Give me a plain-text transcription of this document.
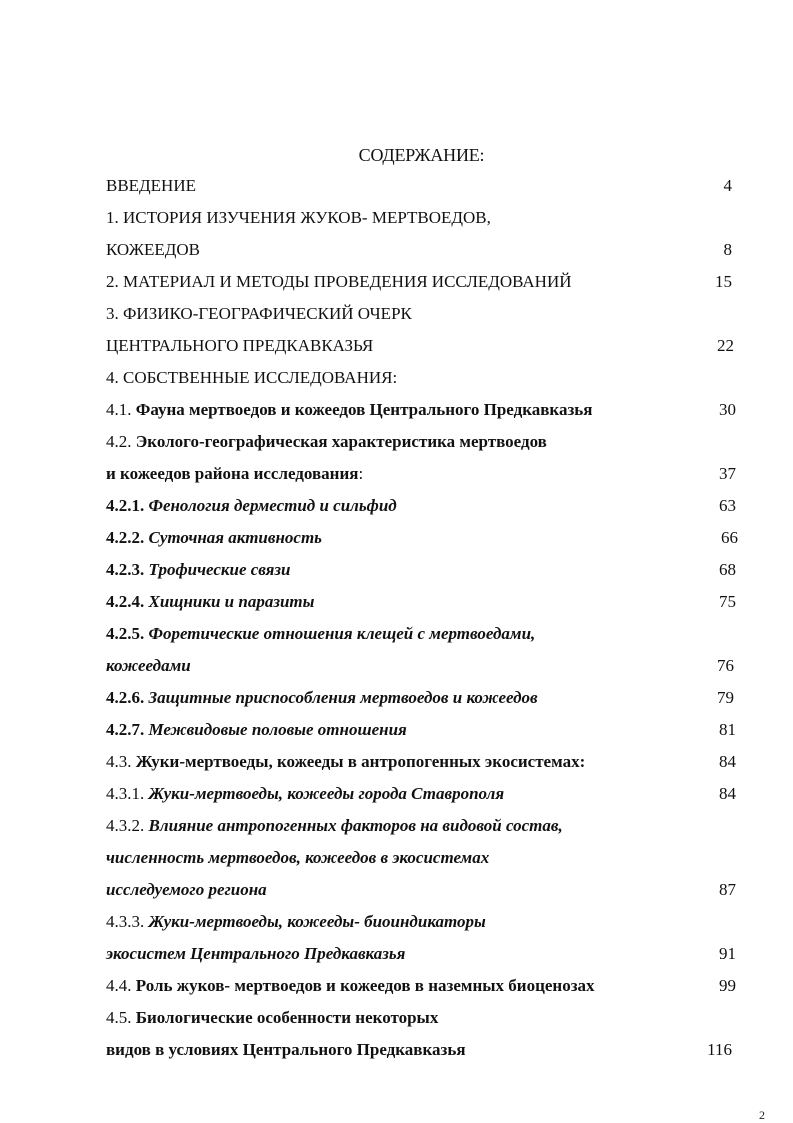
СОДЕРЖАНИЕ:
ВВЕДЕНИЕ	4
1. ИСТОРИЯ ИЗУЧЕНИЯ ЖУКОВ- МЕРТВОЕДОВ,
КОЖЕЕДОВ	8
2. МАТЕРИАЛ И МЕТОДЫ ПРОВЕДЕНИЯ ИССЛЕДОВАНИЙ	15
3. ФИЗИКО-ГЕОГРАФИЧЕСКИЙ ОЧЕРК
ЦЕНТРАЛЬНОГО ПРЕДКАВКАЗЬЯ	22
4. СОБСТВЕННЫЕ ИССЛЕДОВАНИЯ:
4.1. Фауна мертвоедов и кожеедов Центрального Предкавказья	30
4.2. Эколого-географическая характеристика мертвоедов
и кожеедов района исследования:	37
4.2.1. Фенология дерместид и сильфид	63
4.2.2. Суточная активность	66
4.2.3. Трофические связи	68
4.2.4. Хищники и паразиты	75
4.2.5. Форетические отношения клещей с мертвоедами,
кожеедами	76
4.2.6. Защитные приспособления мертвоедов и кожеедов	79
4.2.7. Межвидовые половые отношения	81
4.3. Жуки-мертвоеды, кожееды в антропогенных экосистемах:	84
4.3.1. Жуки-мертвоеды, кожееды города Ставрополя	84
4.3.2. Влияние антропогенных факторов на видовой состав,
численность мертвоедов, кожеедов в экосистемах
исследуемого региона	87
4.3.3. Жуки-мертвоеды, кожееды- биоиндикаторы
экосистем Центрального Предкавказья	91
4.4. Роль жуков- мертвоедов и кожеедов в наземных биоценозах	99
4.5. Биологические особенности некоторых
видов в условиях Центрального Предкавказья	116
2
